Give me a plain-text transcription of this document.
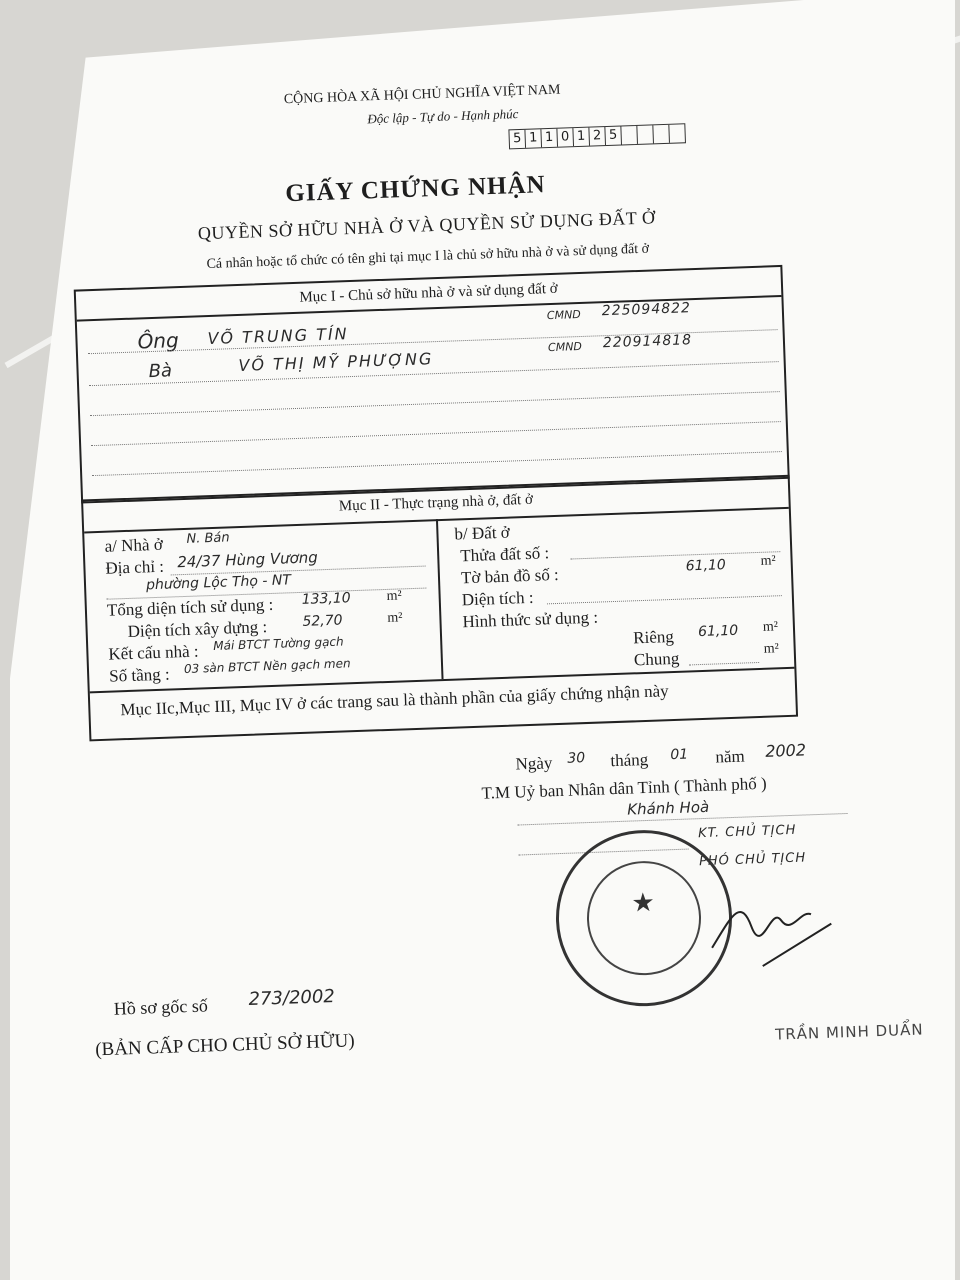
CỘNG HÒA XÃ HỘI CHỦ NGHĨA VIỆT NAM
Độc lập - Tự do - Hạnh phúc
5 1 1 0 1 2 5
GIẤY CHỨNG NHẬN
QUYỀN SỞ HỮU NHÀ Ở VÀ QUYỀN SỬ DỤNG ĐẤT Ở
Cá nhân hoặc tổ chức có tên ghi tại mục I là chủ sở hữu nhà ở và sử dụng đất ở
Mục I - Chủ sở hữu nhà ở và sử dụng đất ở
Ông VÕ TRUNG TÍN
CMND 225094822
Bà	VÕ THỊ MỸ PHƯỢNG
CMND 220914818
Mục II - Thực trạng nhà ở, đất ở
a/ Nhà ở N. Bán
Địa chỉ : 24/37 Hùng Vương
phường Lộc Thọ - NT
Tổng diện tích sử dụng : 133,10	m²
Diện tích xây dựng : 52,70	m²
Kết cấu nhà : Mái BTCT Tường gạch
Số tầng : 03 sàn BTCT Nền gạch men
b/ Đất ở
Thửa đất số :
Tờ bản đồ số :	61,10 m²
Diện tích :
Hình thức sử dụng :
Riêng 61,10 m²
Chung	m²
Mục IIc,Mục III, Mục IV ở các trang sau là thành phần của giấy chứng nhận này
Ngày 30 tháng 01 năm 2002
T.M Uỷ ban Nhân dân Tỉnh ( Thành phố )
Khánh Hoà
KT. CHỦ TỊCH
PHÓ CHỦ TỊCH
★
TRẦN MINH DUẨN
Hồ sơ gốc số 273/2002
(BẢN CẤP CHO CHỦ SỞ HỮU)
